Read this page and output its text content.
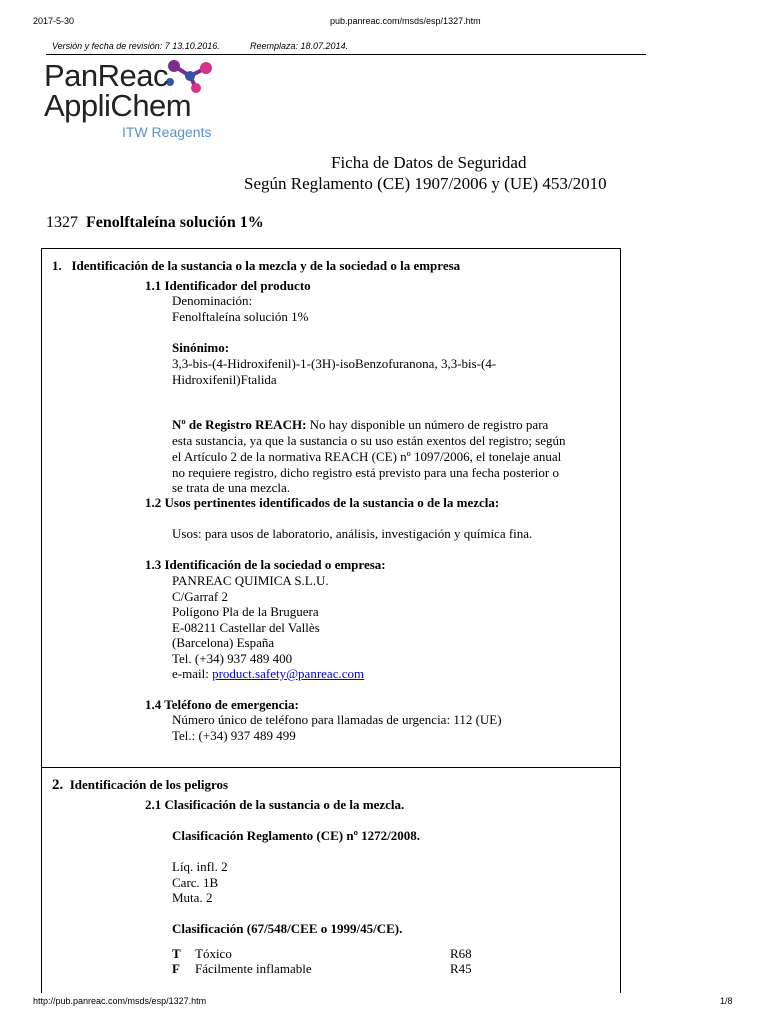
2017-5-30	pub.panreac.com/msds/esp/1327.htm
Versión y fecha de revisión: 7 13.10.2016.	Reemplaza: 18.07.2014.
PanReac
AppliChem
ITW Reagents
Ficha de Datos de Seguridad
Según Reglamento (CE) 1907/2006 y (UE) 453/2010
1327 Fenolftaleína solución 1%
1. Identificación de la sustancia o la mezcla y de la sociedad o la empresa
1.1 Identificador del producto
Denominación:
Fenolftaleína solución 1%
Sinónimo:
3,3-bis-(4-Hidroxifenil)-1-(3H)-isoBenzofuranona, 3,3-bis-(4-
Hidroxifenil)Ftalida
Nº de Registro REACH: No hay disponible un número de registro para
esta sustancia, ya que la sustancia o su uso están exentos del registro; según
el Artículo 2 de la normativa REACH (CE) nº 1097/2006, el tonelaje anual
no requiere registro, dicho registro está previsto para una fecha posterior o
se trata de una mezcla.
1.2 Usos pertinentes identificados de la sustancia o de la mezcla:
Usos: para usos de laboratorio, análisis, investigación y química fina.
1.3 Identificación de la sociedad o empresa:
PANREAC QUIMICA S.L.U.
C/Garraf 2
Polígono Pla de la Bruguera
E-08211 Castellar del Vallès
(Barcelona) España
Tel. (+34) 937 489 400
e-mail: product.safety@panreac.com
1.4 Teléfono de emergencia:
Número único de teléfono para llamadas de urgencia: 112 (UE)
Tel.: (+34) 937 489 499
2. Identificación de los peligros
2.1 Clasificación de la sustancia o de la mezcla.
Clasificación Reglamento (CE) nº 1272/2008.
Líq. infl. 2
Carc. 1B
Muta. 2
Clasificación (67/548/CEE o 1999/45/CE).
T Tóxico	R68
F Fácilmente inflamable	R45
http://pub.panreac.com/msds/esp/1327.htm	1/8
